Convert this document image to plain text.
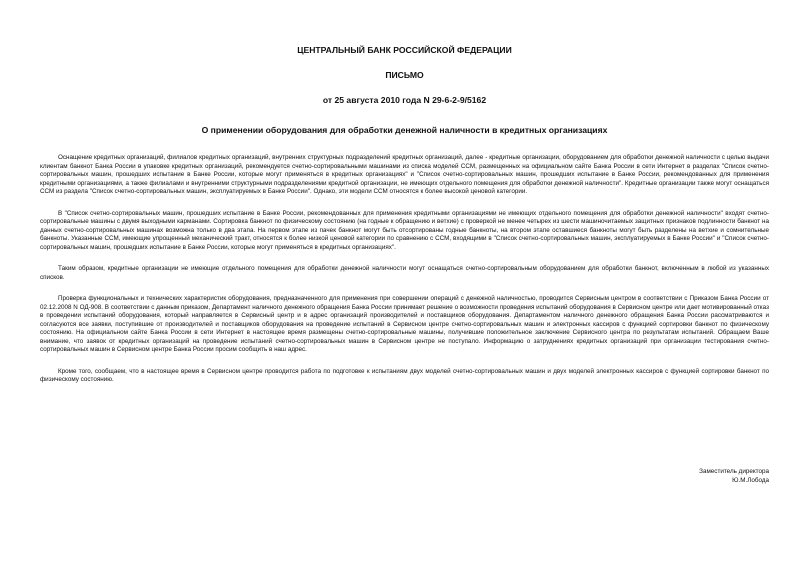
ЦЕНТРАЛЬНЫЙ БАНК РОССИЙСКОЙ ФЕДЕРАЦИИ
ПИСЬМО
от 25 августа 2010 года N 29-6-2-9/5162
О применении оборудования для обработки денежной наличности в кредитных организациях

Оснащение кредитных организаций, филиалов кредитных организаций, внутренних структурных подразделений кредитных организаций, далее - кредитные организации, оборудованием для обработки денежной наличности с целью выдачи клиентам банкнот Банка России в упаковке кредитных организаций, рекомендуется счетно-сортировальными машинами из списка моделей ССМ, размещенных на официальном сайте Банка России в сети Интернет в разделах "Список счетно-сортировальных машин, прошедших испытание в Банке России, которые могут применяться в кредитных организациях" и "Список счетно-сортировальных машин, прошедших испытание в Банке России, рекомендованных для применения кредитными организациями, а также филиалами и внутренними структурными подразделениями кредитной организации, не имеющих отдельного помещения для обработки денежной наличности". Кредитные организации также могут оснащаться ССМ из раздела "Список счетно-сортировальных машин, эксплуатируемых в Банке России". Однако, эти модели ССМ относятся к более высокой ценовой категории.

В "Список счетно-сортировальных машин, прошедших испытание в Банке России, рекомендованных для применения кредитными организациями не имеющих отдельного помещения для обработки денежной наличности" входят счетно-сортировальные машины с двумя выходными карманами. Сортировка банкнот по физическому состоянию (на годные к обращению и ветхие) с проверкой не менее четырех из шести машиночитаемых защитных признаков подлинности банкнот на данных счетно-сортировальных машинах возможна только в два этапа. На первом этапе из пачек банкнот могут быть отсортированы годные банкноты, на втором этапе оставшиеся банкноты могут быть разделены на ветхие и сомнительные банкноты. Указанные ССМ, имеющие упрощенный механический тракт, относятся к более низкой ценовой категории по сравнению с ССМ, входящими в "Список счетно-сортировальных машин, эксплуатируемых в Банке России" и "Список счетно-сортировальных машин, прошедших испытание в Банке России, которые могут применяться в кредитных организациях".

Таким образом, кредитные организации не имеющие отдельного помещения для обработки денежной наличности могут оснащаться счетно-сортировальным оборудованием для обработки банкнот, включенным в любой из указанных списков.

Проверка функциональных и технических характеристик оборудования, предназначенного для применения при совершении операций с денежной наличностью, проводится Сервисным центром в соответствии с Приказом Банка России от 02.12.2008 N ОД-908. В соответствии с данным приказом, Департамент наличного денежного обращения Банка России принимает решение о возможности проведения испытаний оборудования в Сервисном центре или дает мотивированный отказ в проведении испытаний оборудования, который направляется в Сервисный центр и в адрес организаций производителей и поставщиков оборудования. Департаментом наличного денежного обращения Банка России рассматриваются и согласуются все заявки, поступившие от производителей и поставщиков оборудования на проведение испытаний в Сервисном центре счетно-сортировальных машин и электронных кассиров с функцией сортировки банкнот по физическому состоянию. На официальном сайте Банка России в сети Интернет в настоящее время размещены счетно-сортировальные машины, получившие положительное заключение Сервисного центра по результатам испытаний. Обращаем Ваше внимание, что заявок от кредитных организаций на проведение испытаний счетно-сортировальных машин в Сервисном центре не поступало. Информацию о затруднениях кредитных организаций при организации тестирования счетно-сортировальных машин в Сервисном центре Банка России просим сообщить в наш адрес.

Кроме того, сообщаем, что в настоящее время в Сервисном центре проводится работа по подготовке к испытаниям двух моделей счетно-сортировальных машин и двух моделей электронных кассиров с функцией сортировки банкнот по физическому состоянию.

Заместитель директора
Ю.М.Лобода
